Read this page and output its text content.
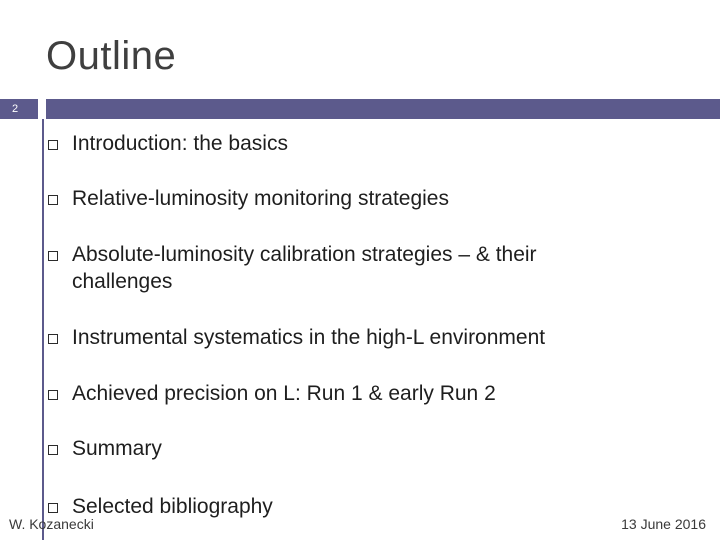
Outline
2
Introduction: the basics
Relative-luminosity monitoring strategies
Absolute-luminosity calibration strategies – & their challenges
Instrumental systematics in the high-L environment
Achieved precision on L: Run 1 & early Run 2
Summary
Selected bibliography
W. Kozanecki	13 June 2016
